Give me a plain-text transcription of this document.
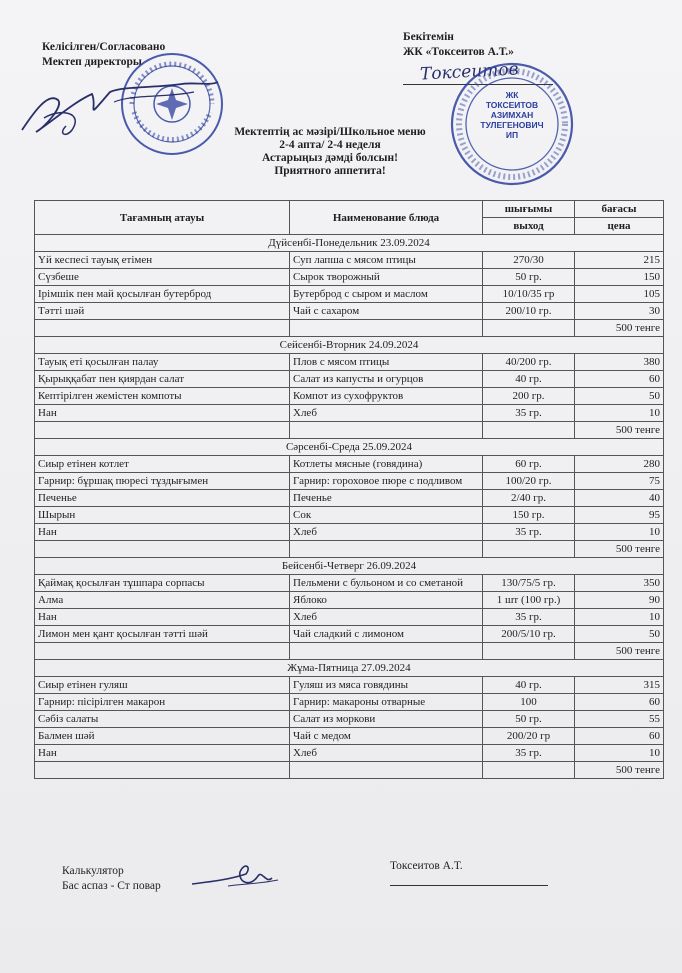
Келісілген/Согласовано
Мектеп директоры
Бекітемін
ЖК «Токсеитов А.Т.»
Токсеитов
ЖК
ТОКСЕИТОВ
АЗИМХАН
ТУЛЕГЕНОВИЧ
ИП
Мектептің ас мәзірі/Школьное меню
2-4 апта/ 2-4 неделя
Астарыңыз дәмді болсын!
Приятного аппетита!
Тағамның атауы	Наименование блюда	шығымы	бағасы
		выход	цена
Дүйсенбі-Понедельник 23.09.2024			
Үй кеспесі тауық етімен	Суп лапша с мясом птицы	270/30	215
Сүзбеше	Сырок творожный	50 гр.	150
Ірімшік пен май қосылған бутерброд	Бутерброд с сыром и маслом	10/10/35 гр	105
Тәтті шәй	Чай с сахаром	200/10 гр.	30
			500 тенге
Сейсенбі-Вторник 24.09.2024			
Тауық еті қосылған палау	Плов с мясом птицы	40/200 гр.	380
Қырыққабат пен қиярдан салат	Салат из капусты и огурцов	40 гр.	60
Кептірілген жемістен компоты	Компот из сухофруктов	200 гр.	50
Нан	Хлеб	35 гр.	10
			500 тенге
Сәрсенбі-Среда 25.09.2024			
Сиыр етінен котлет	Котлеты мясные (говядина)	60 гр.	280
Гарнир: бұршақ пюресі тұздығымен	Гарнир: гороховое пюре с подливом	100/20 гр.	75
Печенье	Печенье	2/40 гр.	40
Шырын	Сок	150 гр.	95
Нан	Хлеб	35 гр.	10
			500 тенге
Бейсенбі-Четверг 26.09.2024			
Қаймақ қосылған тұшпара сорпасы	Пельмени с бульоном и со сметаной	130/75/5 гр.	350
Алма	Яблоко	1 шт (100 гр.)	90
Нан	Хлеб	35 гр.	10
Лимон мен қант қосылған тәтті шәй	Чай сладкий с лимоном	200/5/10 гр.	50
			500 тенге
Жұма-Пятница 27.09.2024			
Сиыр етінен гуляш	Гуляш из мяса говядины	40 гр.	315
Гарнир: пісірілген макарон	Гарнир: макароны отварные	100	60
Сәбіз салаты	Салат из моркови	50 гр.	55
Балмен шәй	Чай с медом	200/20 гр	60
Нан	Хлеб	35 гр.	10
			500 тенге
Калькулятор
Бас аспаз - Ст повар
Токсеитов А.Т.
